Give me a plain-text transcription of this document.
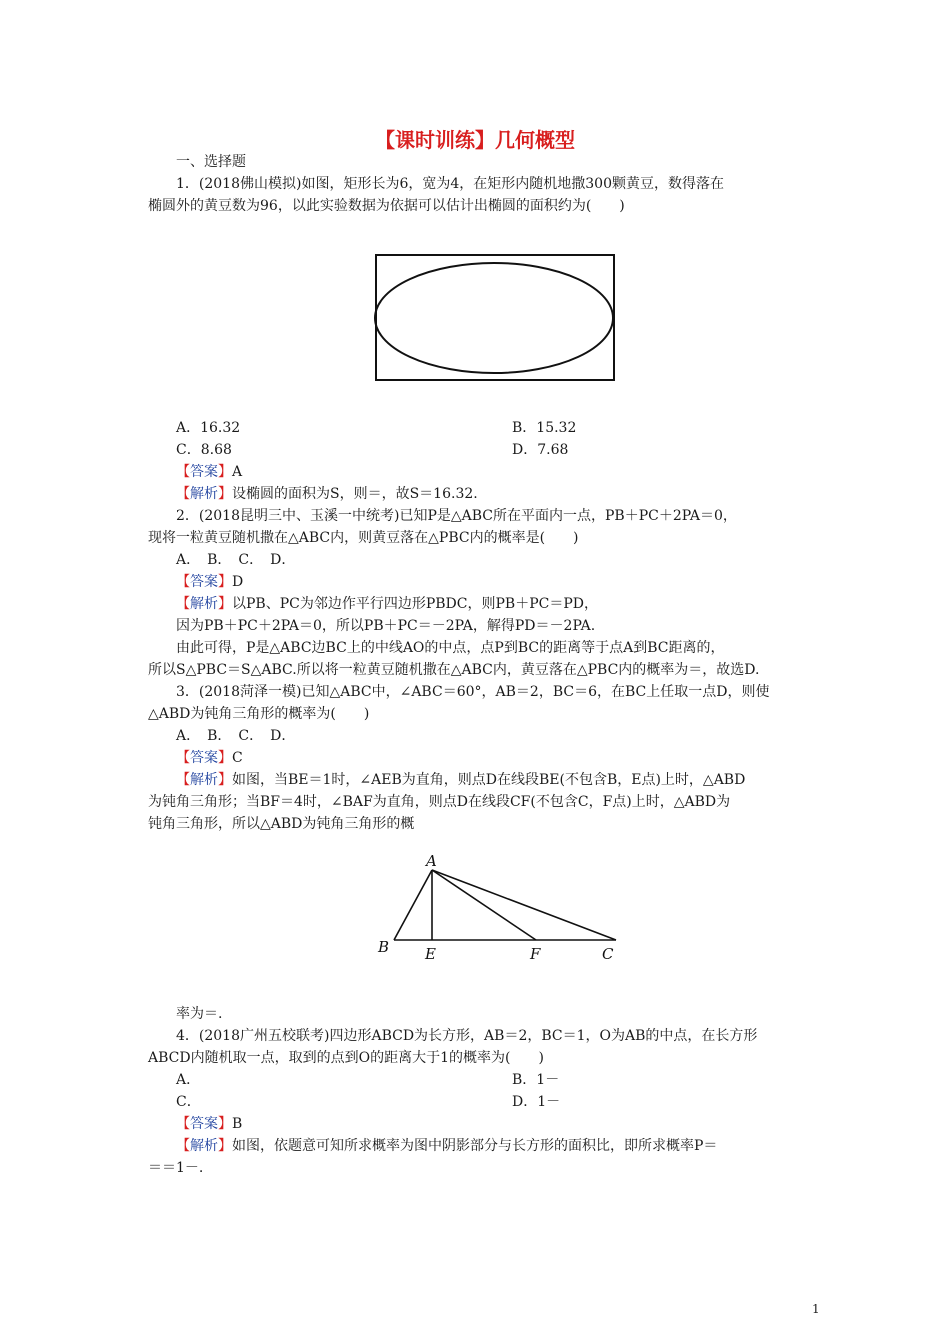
【课时训练】几何概型
一、选择题
1．(2018佛山模拟)如图，矩形长为6，宽为4，在矩形内随机地撒300颗黄豆，数得落在
椭圆外的黄豆数为96，以此实验数据为依据可以估计出椭圆的面积约为(　　)
A．16.32	B．15.32
C．8.68	D．7.68
【答案】A
【解析】设椭圆的面积为S，则＝，故S＝16.32.
2．(2018昆明三中、玉溪一中统考)已知P是△ABC所在平面内一点，PB＋PC＋2PA＝0，
现将一粒黄豆随机撒在△ABC内，则黄豆落在△PBC内的概率是(　　)
A．　B．　C．　D．
【答案】D
【解析】以PB、PC为邻边作平行四边形PBDC，则PB＋PC＝PD，
因为PB＋PC＋2PA＝0，所以PB＋PC＝－2PA，解得PD＝－2PA.
由此可得，P是△ABC边BC上的中线AO的中点，点P到BC的距离等于点A到BC距离的，
所以S△PBC＝S△ABC.所以将一粒黄豆随机撒在△ABC内，黄豆落在△PBC内的概率为＝，故选D.
3．(2018菏泽一模)已知△ABC中，∠ABC＝60°，AB＝2，BC＝6，在BC上任取一点D，则使
△ABD为钝角三角形的概率为(　　)
A．　B．　C．　D．
【答案】C
【解析】如图，当BE＝1时，∠AEB为直角，则点D在线段BE(不包含B，E点)上时，△ABD
为钝角三角形；当BF＝4时，∠BAF为直角，则点D在线段CF(不包含C，F点)上时，△ABD为
钝角三角形，所以△ABD为钝角三角形的概
A
B E	F	C
率为＝.
4．(2018广州五校联考)四边形ABCD为长方形，AB＝2，BC＝1，O为AB的中点，在长方形
ABCD内随机取一点，取到的点到O的距离大于1的概率为(　　)
A．	B．1－
C．	D．1－
【答案】B
【解析】如图，依题意可知所求概率为图中阴影部分与长方形的面积比，即所求概率P＝
＝＝1－.
1
